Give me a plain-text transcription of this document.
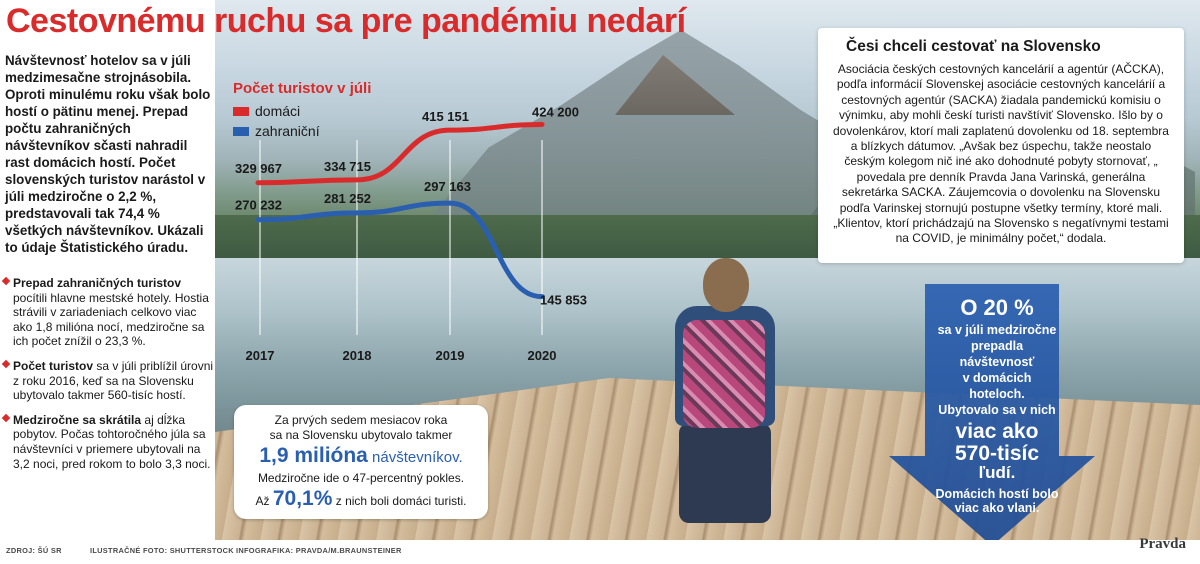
Cestovnému ruchu sa pre pandémiu nedarí
Návštevnosť hotelov sa v júli medzimesačne strojnásobila. Oproti minulému roku však bolo hostí o pätinu menej. Prepad počtu zahraničných návštevníkov sčasti nahradil rast domácich hostí. Počet slovenských turistov narástol v júli medziročne o 2,2 %, predstavovali tak 74,4 % všetkých návštevníkov. Ukázali to údaje Štatistického úradu.
Prepad zahraničných turistov pocítili hlavne mestské hotely. Hostia strávili v zariadeniach celkovo viac ako 1,8 milióna nocí, medziročne sa ich počet znížil o 23,3 %.
Počet turistov sa v júli priblížil úrovni z roku 2016, keď sa na Slovensku ubytovalo takmer 560-tisíc hostí.
Medziročne sa skrátila aj dĺžka pobytov. Počas tohtoročného júla sa návštevníci v priemere ubytovali na 3,2 noci, pred rokom to bolo 3,3 noci.
Počet turistov v júli
domáci
zahraniční
2017	2018	2019	2020
329 967	334 715
415 151	424 200
270 232	281 252
297 163
145 853
Za prvých sedem mesiacov roka
sa na Slovensku ubytovalo takmer
1,9 milióna návštevníkov.
Medziročne ide o 47-percentný pokles.
Až 70,1% z nich boli domáci turisti.
Česi chceli cestovať na Slovensko

Asociácia českých cestovných kancelárií a agentúr (AČCKA), podľa informácií Slovenskej asociácie cestovných kancelárií a cestovných agentúr (SACKA) žiadala pandemickú komisiu o výnimku, aby mohli českí turisti navštíviť Slovensko. Išlo by o dovolenkárov, ktorí mali zaplatenú dovolenku od 18. septembra a blízkych dátumov. „Avšak bez úspechu, takže neostalo českým kolegom nič iné ako dohodnuté pobyty stornovať, „ povedala pre denník Pravda Jana Varinská, generálna sekretárka SACKA. Záujemcovia o dovolenku na Slovensku podľa Varinskej stornujú postupne všetky termíny, ktoré mali. „Klientov, ktorí prichádzajú na Slovensko s negatívnymi testami na COVID, je minimálny počet,“ dodala.

O 20 %
sa v júli medziročne
prepadla
návštevnosť
v domácich
hoteloch.
Ubytovalo sa v nich
viac ako
570-tisíc
ľudí.
Domácich hostí bolo
viac ako vlani.
ZDROJ: ŠÚ SR	ILUSTRAČNÉ FOTO: SHUTTERSTOCK INFOGRAFIKA: PRAVDA/M.BRAUNSTEINER	Pravda
